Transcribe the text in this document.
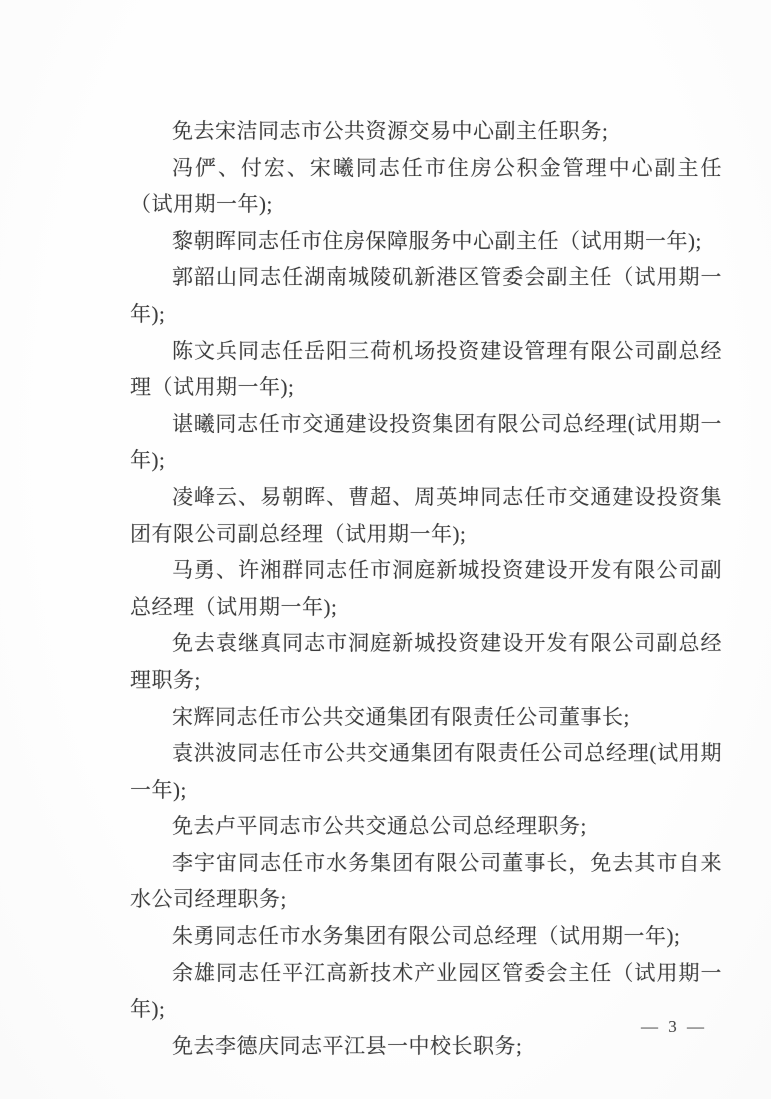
免去宋洁同志市公共资源交易中心副主任职务;

冯俨、付宏、宋曦同志任市住房公积金管理中心副主任（试用期一年);

黎朝晖同志任市住房保障服务中心副主任（试用期一年);

郭韶山同志任湖南城陵矶新港区管委会副主任（试用期一年);

陈文兵同志任岳阳三荷机场投资建设管理有限公司副总经理（试用期一年);

谌曦同志任市交通建设投资集团有限公司总经理(试用期一年);

凌峰云、易朝晖、曹超、周英坤同志任市交通建设投资集团有限公司副总经理（试用期一年);

马勇、许湘群同志任市洞庭新城投资建设开发有限公司副总经理（试用期一年);

免去袁继真同志市洞庭新城投资建设开发有限公司副总经理职务;

宋辉同志任市公共交通集团有限责任公司董事长;

袁洪波同志任市公共交通集团有限责任公司总经理(试用期一年);

免去卢平同志市公共交通总公司总经理职务;

李宇宙同志任市水务集团有限公司董事长，免去其市自来水公司经理职务;

朱勇同志任市水务集团有限公司总经理（试用期一年);

余雄同志任平江高新技术产业园区管委会主任（试用期一年);

免去李德庆同志平江县一中校长职务;

— 3 —
